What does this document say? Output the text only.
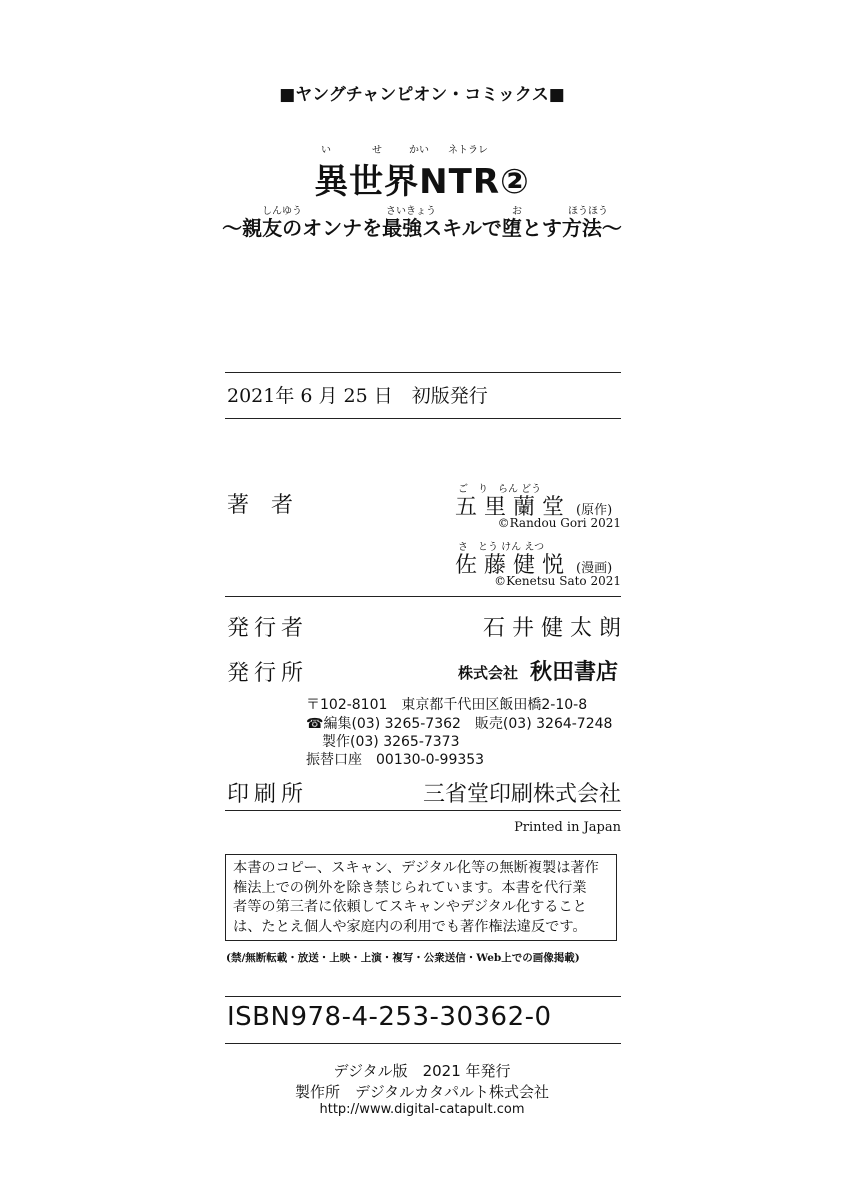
■ヤングチャンピオン・コミックス■
い	せ	かい ネトラレ
異世界NTR②
しんゆう	さいきょう	お	ほうほう
〜親友のオンナを最強スキルで堕とす方法〜
2021年 6 月 25 日　初版発行
著　者
ご　り　らん どう
五 里 蘭 堂 (原作)
©Randou Gori 2021
さ　とう けん えつ
佐 藤 健 悦 (漫画)
©Kenetsu Sato 2021
発行者	石 井 健 太 朗
発行所	株式会社 秋田書店
〒102-8101　東京都千代田区飯田橋2-10-8
☎編集(03) 3265-7362　販売(03) 3264-7248
製作(03) 3265-7373
振替口座　00130-0-99353
印刷所	三省堂印刷株式会社
Printed in Japan
本書のコピー、スキャン、デジタル化等の無断複製は著作
権法上での例外を除き禁じられています。本書を代行業
者等の第三者に依頼してスキャンやデジタル化すること
は、たとえ個人や家庭内の利用でも著作権法違反です。
(禁/無断転載・放送・上映・上演・複写・公衆送信・Web上での画像掲載)
ISBN978-4-253-30362-0
デジタル版　2021 年発行
製作所　デジタルカタパルト株式会社
http://www.digital-catapult.com
